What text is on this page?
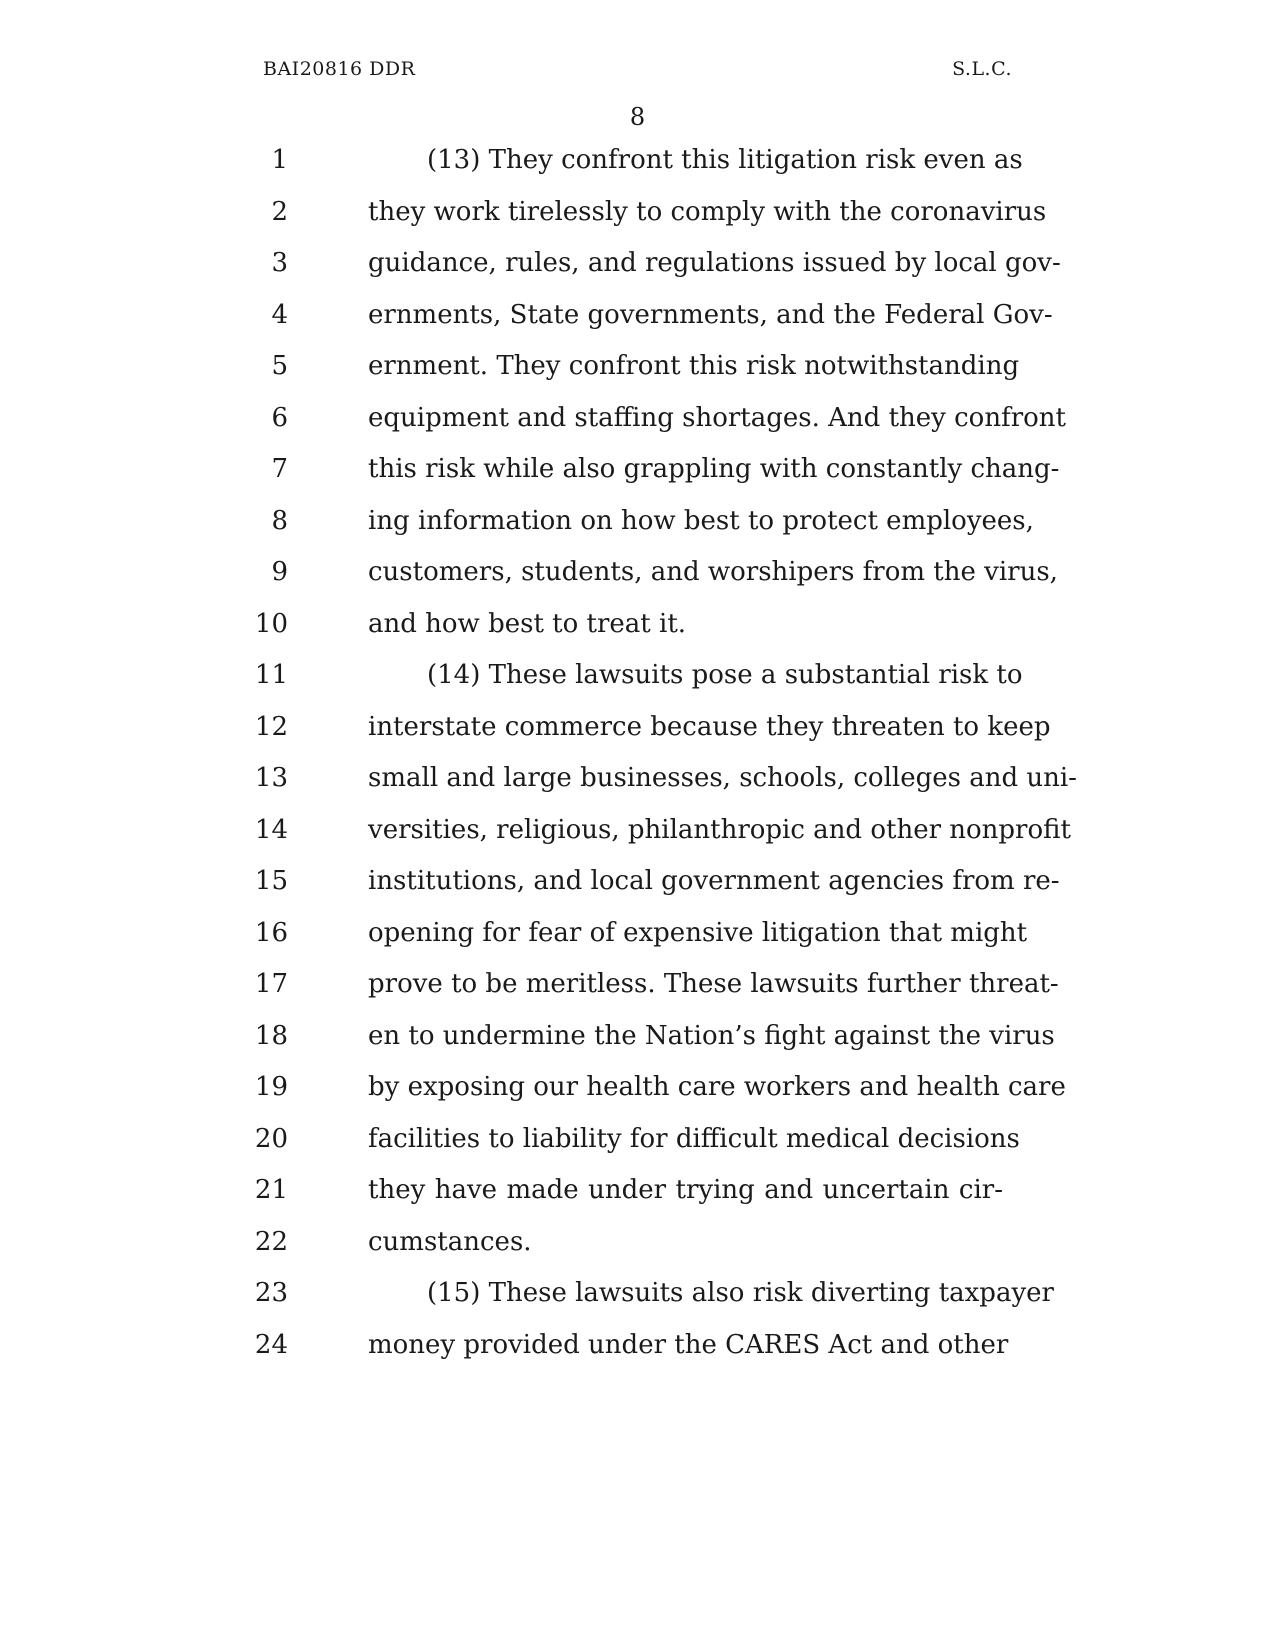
BAI20816 DDR	S.L.C.
8
1	(13) They confront this litigation risk even as
2	they work tirelessly to comply with the coronavirus
3	guidance, rules, and regulations issued by local gov-
4	ernments, State governments, and the Federal Gov-
5	ernment. They confront this risk notwithstanding
6	equipment and staffing shortages. And they confront
7	this risk while also grappling with constantly chang-
8	ing information on how best to protect employees,
9	customers, students, and worshipers from the virus,
10	and how best to treat it.
11	(14) These lawsuits pose a substantial risk to
12	interstate commerce because they threaten to keep
13	small and large businesses, schools, colleges and uni-
14	versities, religious, philanthropic and other nonprofit
15	institutions, and local government agencies from re-
16	opening for fear of expensive litigation that might
17	prove to be meritless. These lawsuits further threat-
18	en to undermine the Nation’s fight against the virus
19	by exposing our health care workers and health care
20	facilities to liability for difficult medical decisions
21	they have made under trying and uncertain cir-
22	cumstances.
23	(15) These lawsuits also risk diverting taxpayer
24	money provided under the CARES Act and other
